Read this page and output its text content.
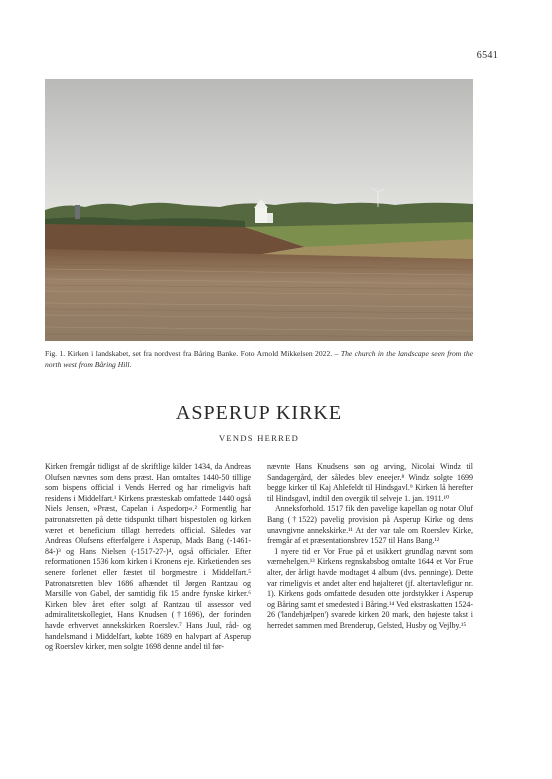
6541
Fig. 1. Kirken i landskabet, set fra nordvest fra Båring Banke. Foto Arnold Mikkelsen 2022. – The church in the landscape seen from the north west from Båring Hill.
ASPERUP KIRKE
VENDS HERRED

Kirken fremgår tidligst af de skriftlige kilder 1434, da Andreas Olufsen nævnes som dens præst. Han omtaltes 1440-50 tillige som bispens official i Vends Herred og har rimeligvis haft residens i Middelfart.¹ Kirkens præsteskab omfattede 1440 også Niels Jensen, »Præst, Capelan i Aspedorp«.² Formentlig har patronatsretten på dette tidspunkt tilhørt bispestolen og kirken været et beneficium tillagt herredets official. Således var Andreas Olufsens efterfølgere i Asperup, Mads Bang (-1461-84-)³ og Hans Nielsen (-1517-27-)⁴, også officialer. Efter reformationen 1536 kom kirken i Kronens eje. Kirketienden ses senere forlenet eller fæstet til borgmestre i Middelfart.⁵ Patronatsretten blev 1686 afhændet til Jørgen Rantzau og Marsille von Gabel, der samtidig fik 15 andre fynske kirker.⁶ Kirken blev året efter solgt af Rantzau til assessor ved admiralitetskollegiet, Hans Knudsen (†1696), der forinden havde erhvervet annekskirken Roerslev.⁷ Hans Juul, råd- og handelsmand i Middelfart, købte 1689 en halvpart af Asperup og Roerslev kirker, men solgte 1698 denne andel til før-

nævnte Hans Knudsens søn og arving, Nicolai Windz til Sandagergård, der således blev eneejer.⁸ Windz solgte 1699 begge kirker til Kaj Ahlefeldt til Hindsgavl.⁹ Kirken lå herefter til Hindsgavl, indtil den overgik til selveje 1. jan. 1911.¹⁰

Anneksforhold. 1517 fik den pavelige kapellan og notar Oluf Bang (†1522) pavelig provision på Asperup Kirke og dens unavngivne annekskirke.¹¹ At der var tale om Roerslev Kirke, fremgår af et præsentationsbrev 1527 til Hans Bang.¹²

I nyere tid er Vor Frue på et usikkert grundlag nævnt som værnehelgen.¹³ Kirkens regnskabsbog omtalte 1644 et Vor Frue alter, der årligt havde modtaget 4 album (dvs. penninge). Dette var rimeligvis et andet alter end højalteret (jf. altertavlefigur nr. 1). Kirkens gods omfattede desuden otte jordstykker i Asperup og Båring samt et smedested i Båring.¹⁴ Ved ekstraskatten 1524-26 ('landehjælpen') svarede kirken 20 mark, den højeste takst i herredet sammen med Brenderup, Gelsted, Husby og Vejlby.¹⁵
